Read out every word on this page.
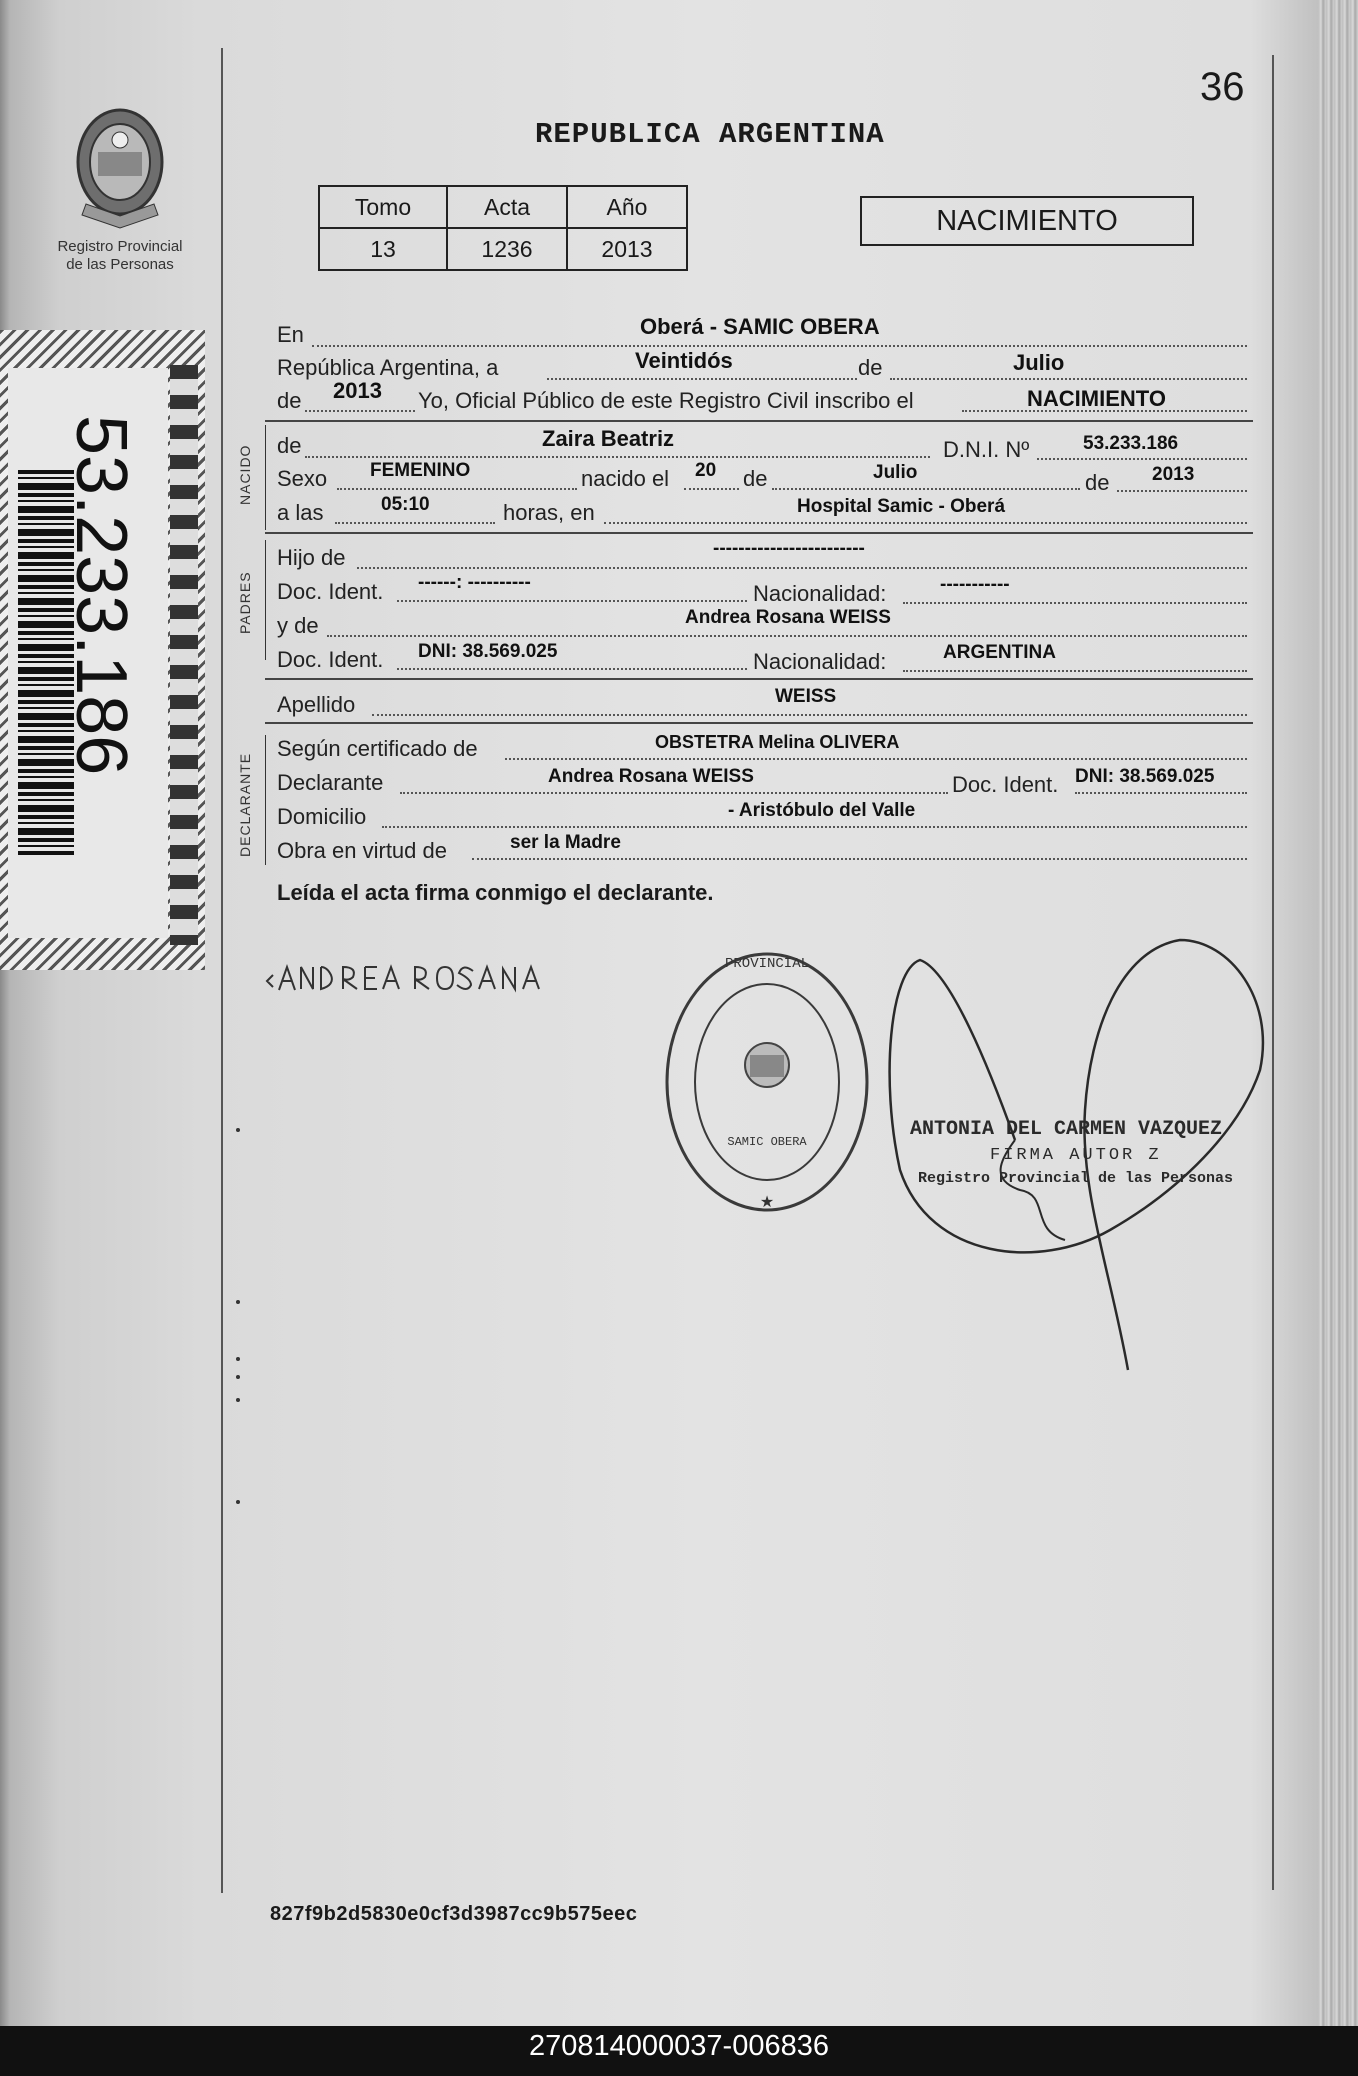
Registro Provincial
de las Personas
53.233.186
36
REPUBLICA ARGENTINA
Tomo	Acta	Año
13	1236	2013
NACIMIENTO
En	Oberá - SAMIC OBERA
República Argentina, a	Veintidós	de	Julio
de 2013 Yo, Oficial Público de este Registro Civil inscribo el	NACIMIENTO
NACIDO de	Zaira Beatriz	D.N.I. Nº	53.233.186
Sexo FEMENINO	nacido el 20 de	Julio	de 2013
a las	05:10	horas, en	Hospital Samic - Oberá
PADRES
Hijo de	------------------------
Doc. Ident. ------: ----------	Nacionalidad:	-----------
y de	Andrea Rosana WEISS
Doc. Ident. DNI: 38.569.025	Nacionalidad:	ARGENTINA
Apellido	WEISS
DECLARANTE
Según certificado de	OBSTETRA Melina OLIVERA
Declarante	Andrea Rosana WEISS	Doc. Ident. DNI: 38.569.025
Domicilio	- Aristóbulo del Valle
Obra en virtud de	ser la Madre
Leída el acta firma conmigo el declarante.
PROVINCIAL
SAMIC OBERA
★
ANTONIA DEL CARMEN VAZQUEZ
FIRMA AUTOR Z
Registro Provincial de las Personas
827f9b2d5830e0cf3d3987cc9b575eec
270814000037-006836
